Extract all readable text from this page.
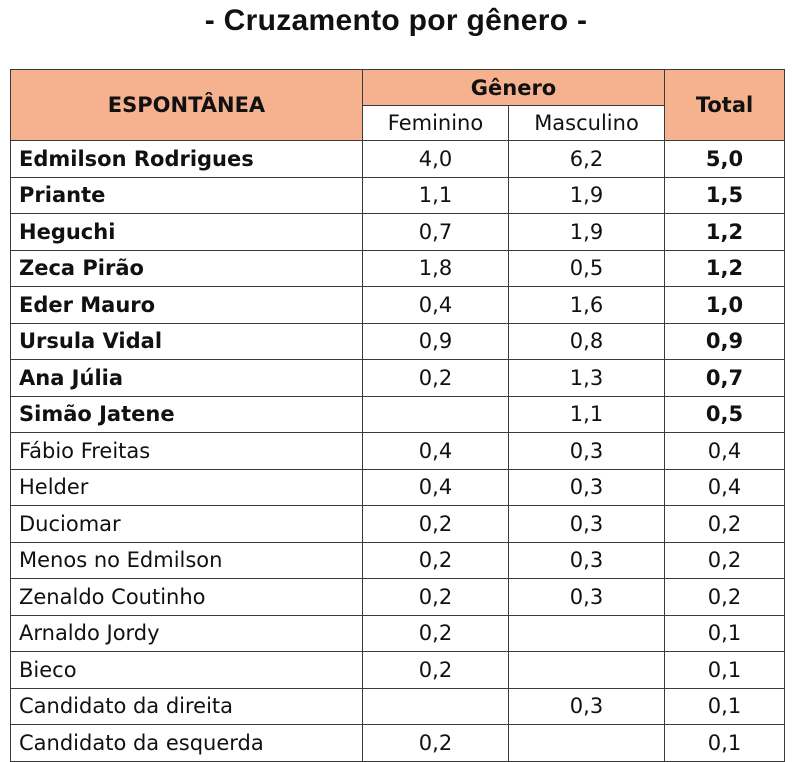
- Cruzamento por gênero -
ESPONTÂNEA	Gênero		Total
	Feminino	Masculino	
Edmilson Rodrigues	4,0	6,2	5,0
Priante	1,1	1,9	1,5
Heguchi	0,7	1,9	1,2
Zeca Pirão	1,8	0,5	1,2
Eder Mauro	0,4	1,6	1,0
Ursula Vidal	0,9	0,8	0,9
Ana Júlia	0,2	1,3	0,7
Simão Jatene		1,1	0,5
Fábio Freitas	0,4	0,3	0,4
Helder	0,4	0,3	0,4
Duciomar	0,2	0,3	0,2
Menos no Edmilson	0,2	0,3	0,2
Zenaldo Coutinho	0,2	0,3	0,2
Arnaldo Jordy	0,2		0,1
Bieco	0,2		0,1
Candidato da direita		0,3	0,1
Candidato da esquerda	0,2		0,1
